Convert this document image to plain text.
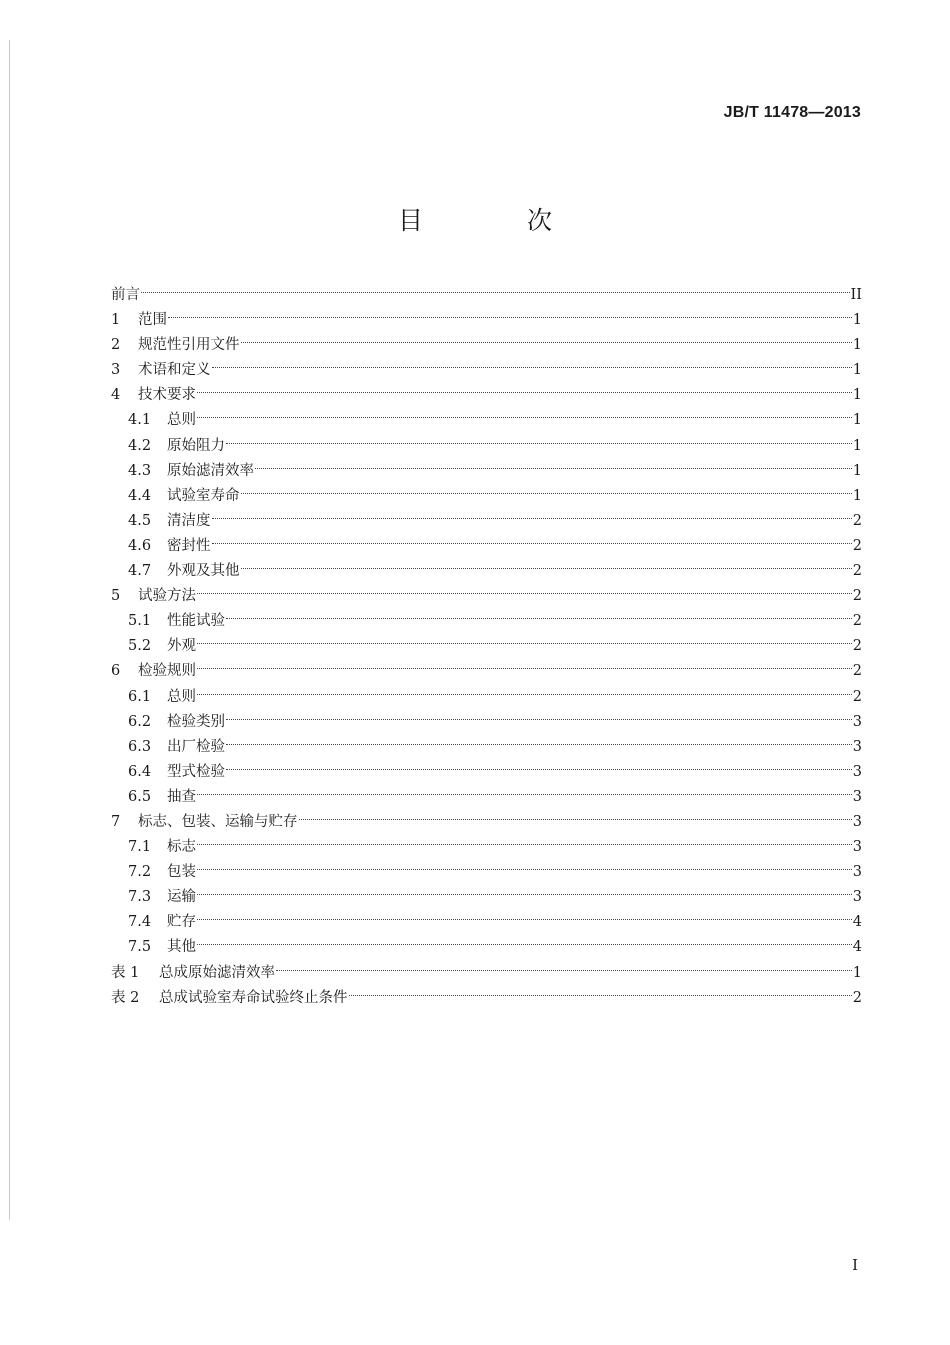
JB/T 11478—2013
目 次
前言	II
1	范围	1
2	规范性引用文件	1
3	术语和定义	1
4	技术要求	1
4.1	总则	1
4.2	原始阻力	1
4.3	原始滤清效率	1
4.4	试验室寿命	1
4.5	清洁度	2
4.6	密封性	2
4.7	外观及其他	2
5	试验方法	2
5.1	性能试验	2
5.2	外观	2
6	检验规则	2
6.1	总则	2
6.2	检验类别	3
6.3	出厂检验	3
6.4	型式检验	3
6.5	抽查	3
7	标志、包装、运输与贮存	3
7.1	标志	3
7.2	包装	3
7.3	运输	3
7.4	贮存	4
7.5	其他	4
表 1	总成原始滤清效率	1
表 2	总成试验室寿命试验终止条件	2
I
